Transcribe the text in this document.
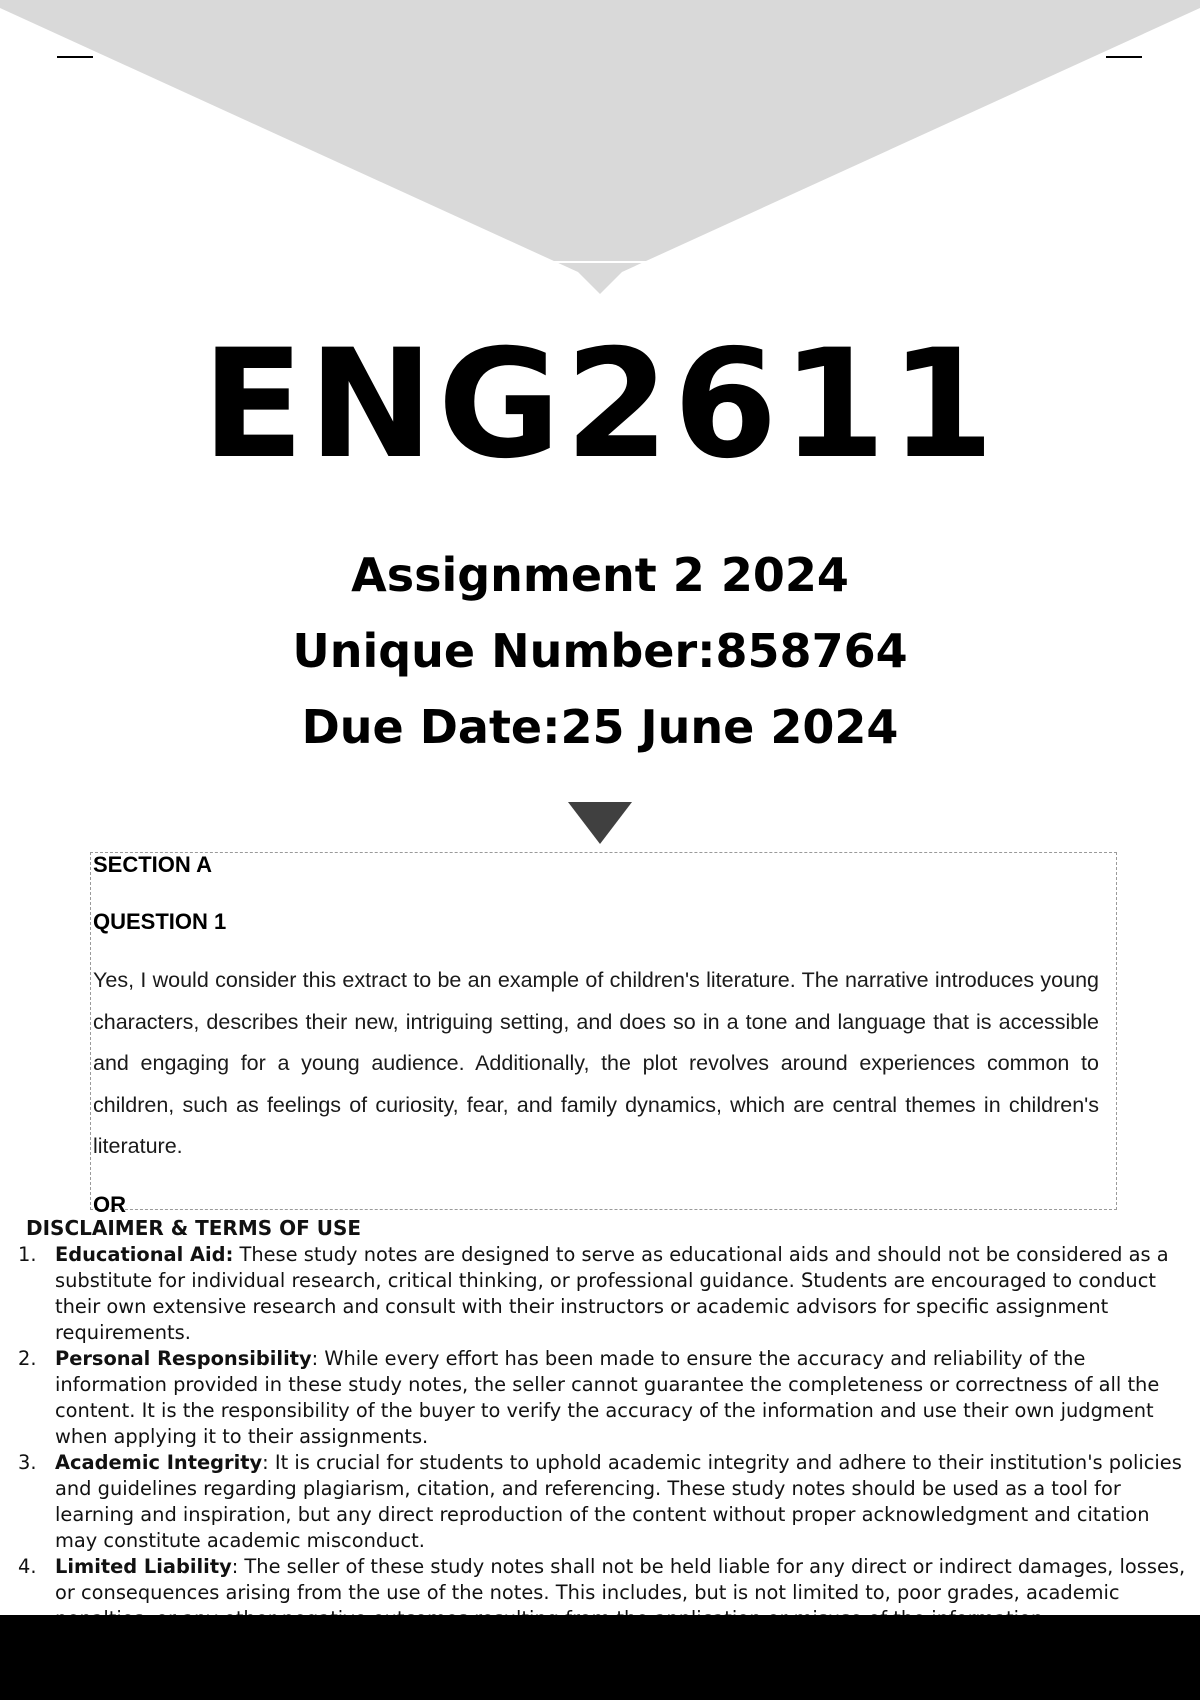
ENG2611
Assignment 2 2024
Unique Number:858764
Due Date:25 June 2024

SECTION A

QUESTION 1

Yes, I would consider this extract to be an example of children's literature. The narrative introduces young characters, describes their new, intriguing setting, and does so in a tone and language that is accessible and engaging for a young audience. Additionally, the plot revolves around experiences common to children, such as feelings of curiosity, fear, and family dynamics, which are central themes in children's literature.

OR

DISCLAIMER & TERMS OF USE

1. Educational Aid: These study notes are designed to serve as educational aids and should not be considered as a substitute for individual research, critical thinking, or professional guidance. Students are encouraged to conduct their own extensive research and consult with their instructors or academic advisors for specific assignment requirements.
2. Personal Responsibility: While every effort has been made to ensure the accuracy and reliability of the information provided in these study notes, the seller cannot guarantee the completeness or correctness of all the content. It is the responsibility of the buyer to verify the accuracy of the information and use their own judgment when applying it to their assignments.
3. Academic Integrity: It is crucial for students to uphold academic integrity and adhere to their institution's policies and guidelines regarding plagiarism, citation, and referencing. These study notes should be used as a tool for learning and inspiration, but any direct reproduction of the content without proper acknowledgment and citation may constitute academic misconduct.
4. Limited Liability: The seller of these study notes shall not be held liable for any direct or indirect damages, losses, or consequences arising from the use of the notes. This includes, but is not limited to, poor grades, academic
